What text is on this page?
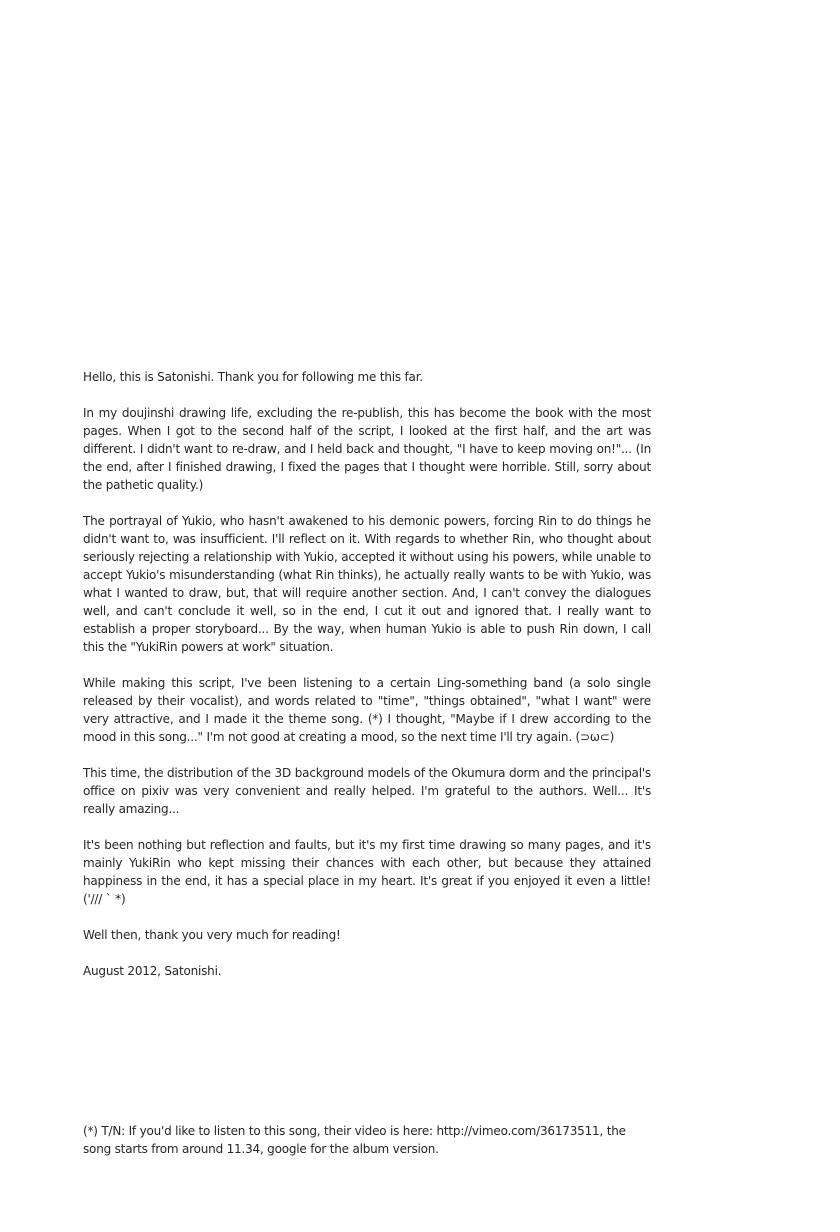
Hello, this is Satonishi. Thank you for following me this far.

In my doujinshi drawing life, excluding the re-publish, this has become the book with the most pages. When I got to the second half of the script, I looked at the first half, and the art was different. I didn't want to re-draw, and I held back and thought, "I have to keep moving on!"... (In the end, after I finished drawing, I fixed the pages that I thought were horrible. Still, sorry about the pathetic quality.)

The portrayal of Yukio, who hasn't awakened to his demonic powers, forcing Rin to do things he didn't want to, was insufficient. I'll reflect on it. With regards to whether Rin, who thought about seriously rejecting a relationship with Yukio, accepted it without using his powers, while unable to accept Yukio's misunderstanding (what Rin thinks), he actually really wants to be with Yukio, was what I wanted to draw, but, that will require another section. And, I can't convey the dialogues well, and can't conclude it well, so in the end, I cut it out and ignored that. I really want to establish a proper storyboard... By the way, when human Yukio is able to push Rin down, I call this the "YukiRin powers at work" situation.

While making this script, I've been listening to a certain Ling-something band (a solo single released by their vocalist), and words related to "time", "things obtained", "what I want" were very attractive, and I made it the theme song. (*) I thought, "Maybe if I drew according to the mood in this song..." I'm not good at creating a mood, so the next time I'll try again. (⊃ω⊂)

This time, the distribution of the 3D background models of the Okumura dorm and the principal's office on pixiv was very convenient and really helped. I'm grateful to the authors. Well... It's really amazing...

It's been nothing but reflection and faults, but it's my first time drawing so many pages, and it's mainly YukiRin who kept missing their chances with each other, but because they attained happiness in the end, it has a special place in my heart. It's great if you enjoyed it even a little! ('/// ` *)

Well then, thank you very much for reading!

August 2012, Satonishi.

(*) T/N: If you'd like to listen to this song, their video is here: http://vimeo.com/36173511, the song starts from around 11.34, google for the album version.
